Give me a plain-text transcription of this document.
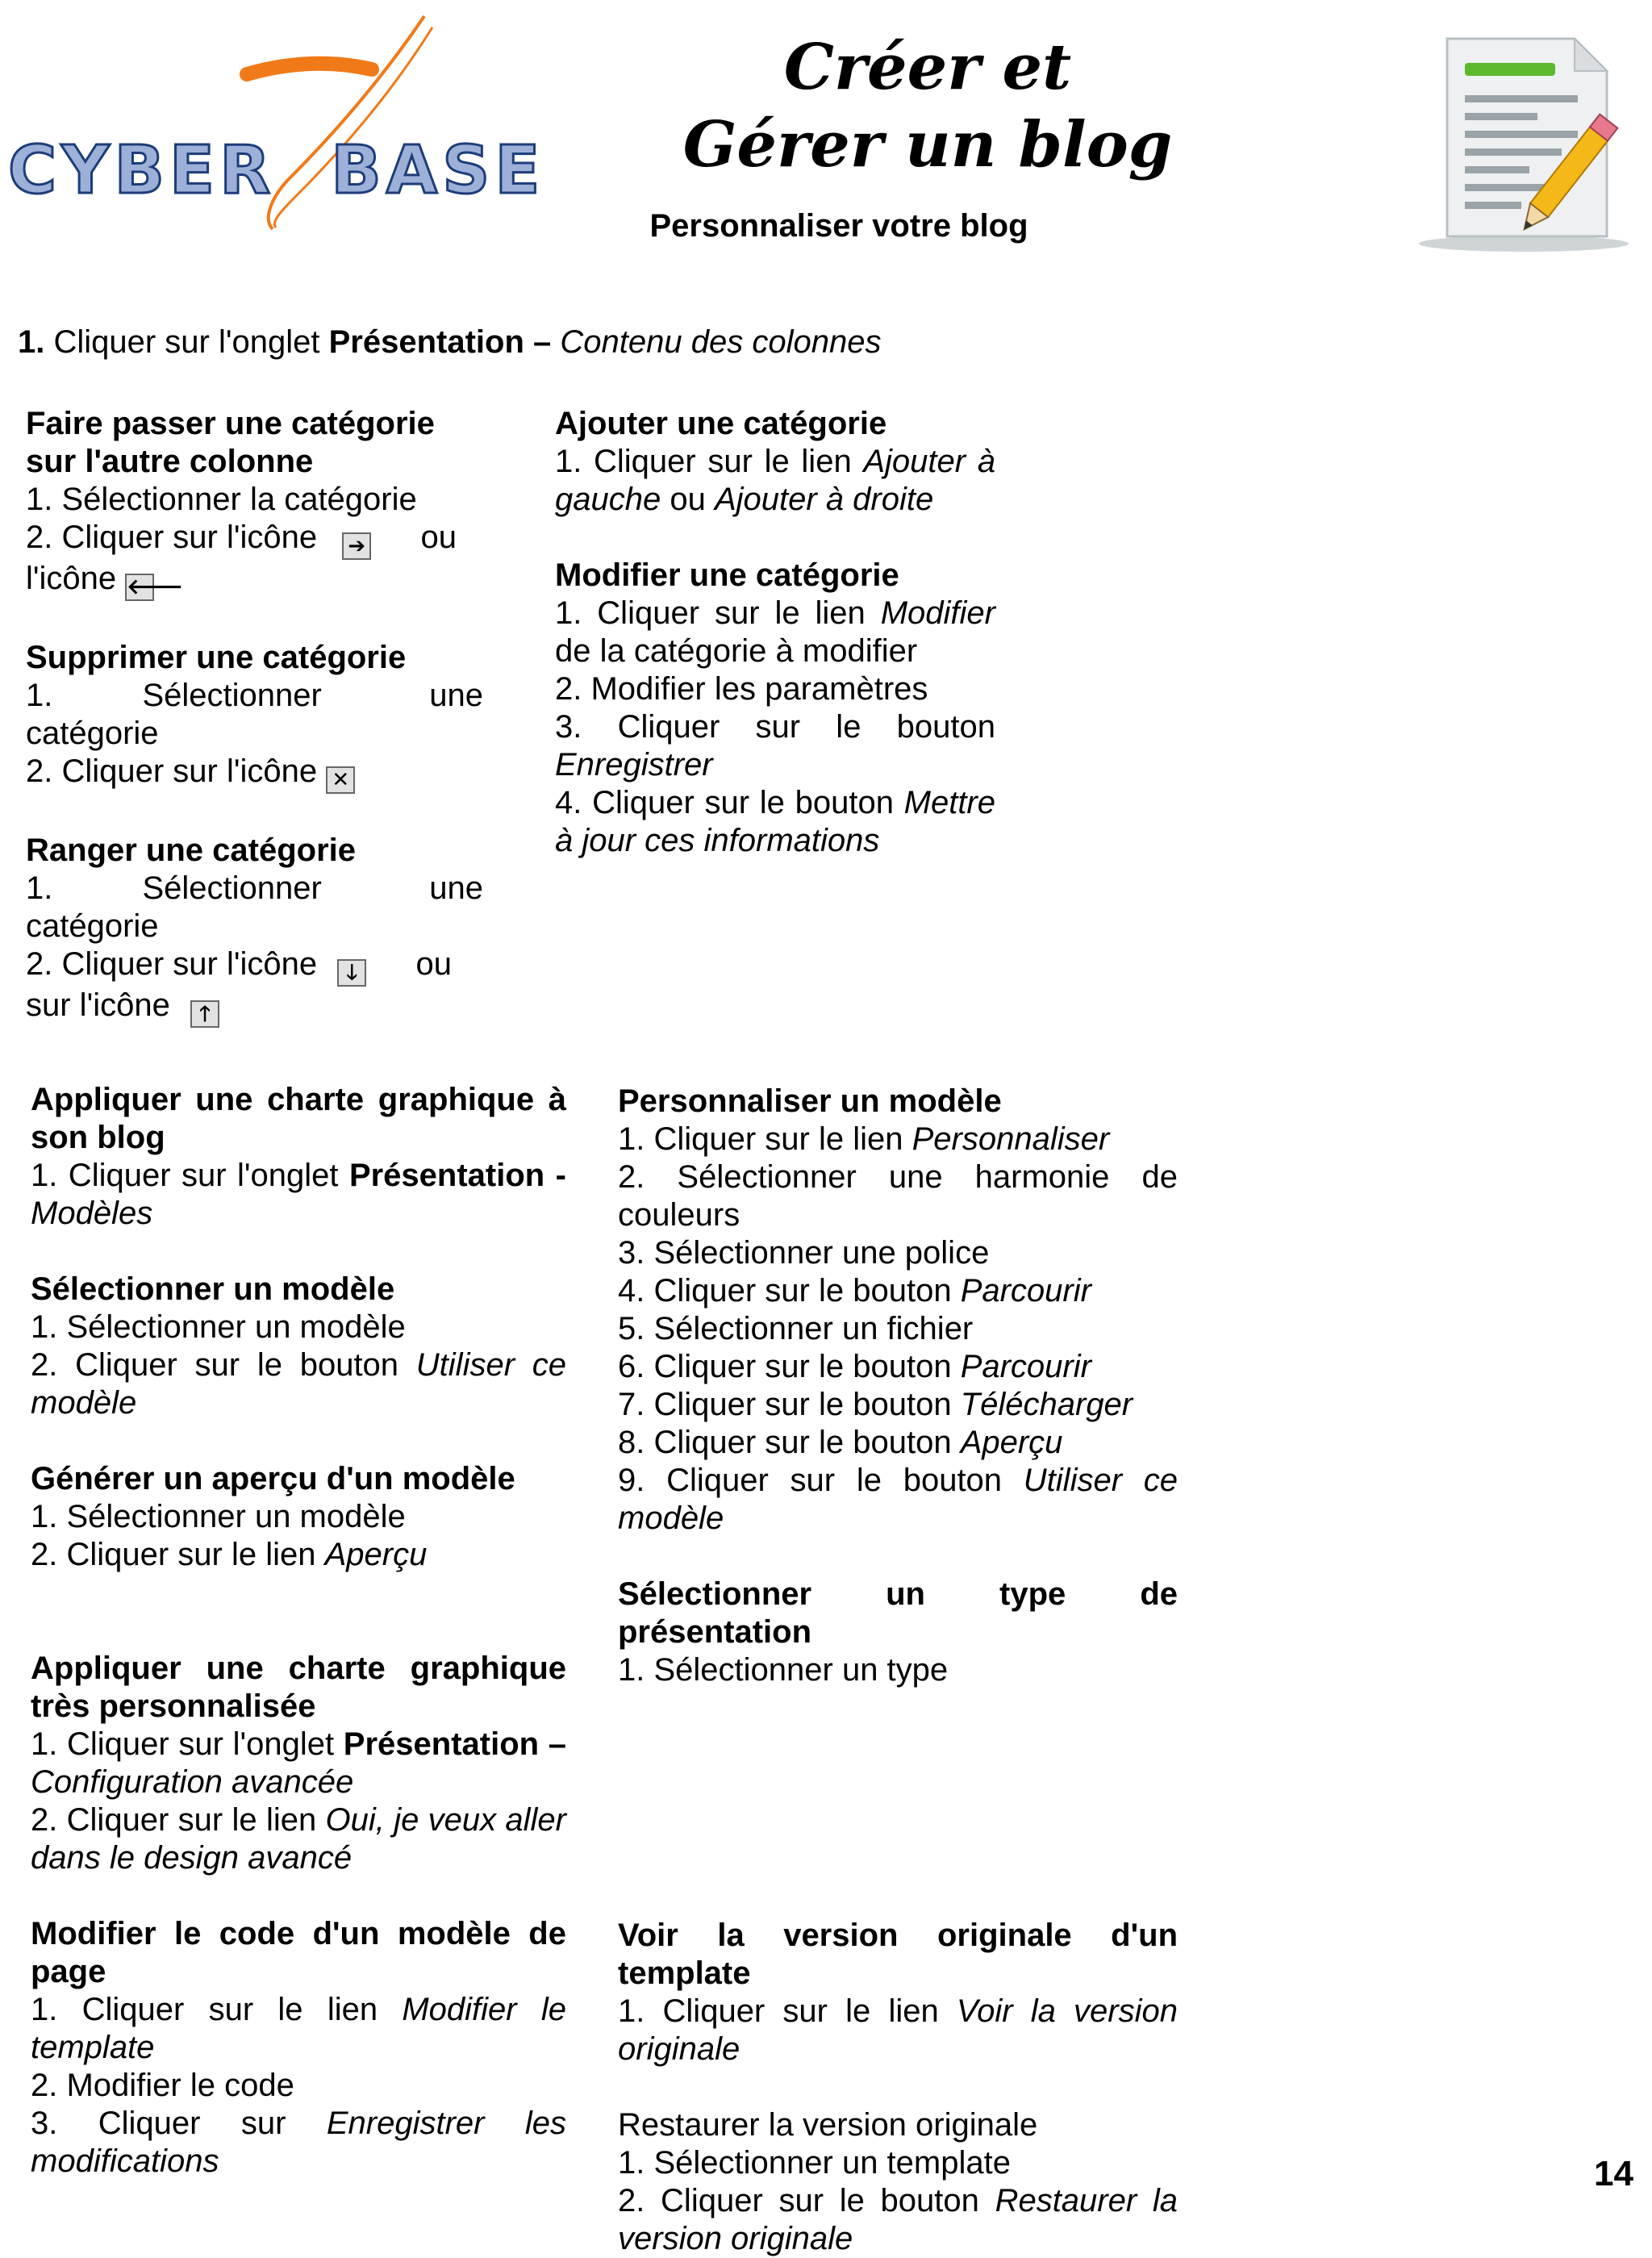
CYBER  BASE
Créer et
Gérer un blog
Personnaliser votre blog
1. Cliquer sur l'onglet Présentation – Contenu des colonnes

Faire passer une catégorie sur l'autre colonne

1. Sélectionner la catégorie

2. Cliquer sur l'icône ➔ ou

l'icône 🡐

Supprimer une catégorie

1.          Sélectionner            une

catégorie

2. Cliquer sur l'icône ✕

Ranger une catégorie

1.          Sélectionner            une

catégorie

2. Cliquer sur l'icône 🡓 ou

sur l'icône 🡑

Ajouter une catégorie

1. Cliquer sur le lien Ajouter à gauche ou Ajouter à droite

Modifier une catégorie

1. Cliquer sur le lien Modifier de la catégorie à modifier

2. Modifier les paramètres

3. Cliquer sur le bouton Enregistrer

4. Cliquer sur le bouton Mettre à jour ces informations

Appliquer une charte graphique à son blog

1. Cliquer sur l'onglet Présentation - Modèles

Sélectionner un modèle

1. Sélectionner un modèle

2. Cliquer sur le bouton Utiliser ce modèle

Générer un aperçu d'un modèle

1. Sélectionner un modèle

2. Cliquer sur le lien Aperçu

Appliquer une charte graphique très personnalisée

1. Cliquer sur l'onglet Présentation – Configuration avancée

2. Cliquer sur le lien Oui, je veux aller dans le design avancé

Modifier le code d'un modèle de page

1. Cliquer sur le lien Modifier le template

2. Modifier le code

3. Cliquer sur Enregistrer les modifications

Personnaliser un modèle

1. Cliquer sur le lien Personnaliser

2. Sélectionner une harmonie de couleurs

3. Sélectionner une police

4. Cliquer sur le bouton Parcourir

5. Sélectionner un fichier

6. Cliquer sur le bouton Parcourir

7. Cliquer sur le bouton Télécharger

8. Cliquer sur le bouton Aperçu

9. Cliquer sur le bouton Utiliser ce modèle

Sélectionner un type de présentation

1. Sélectionner un type

Voir la version originale d'un template

1. Cliquer sur le lien Voir la version originale

Restaurer la version originale

1. Sélectionner un template

2. Cliquer sur le bouton Restaurer la version originale

14
